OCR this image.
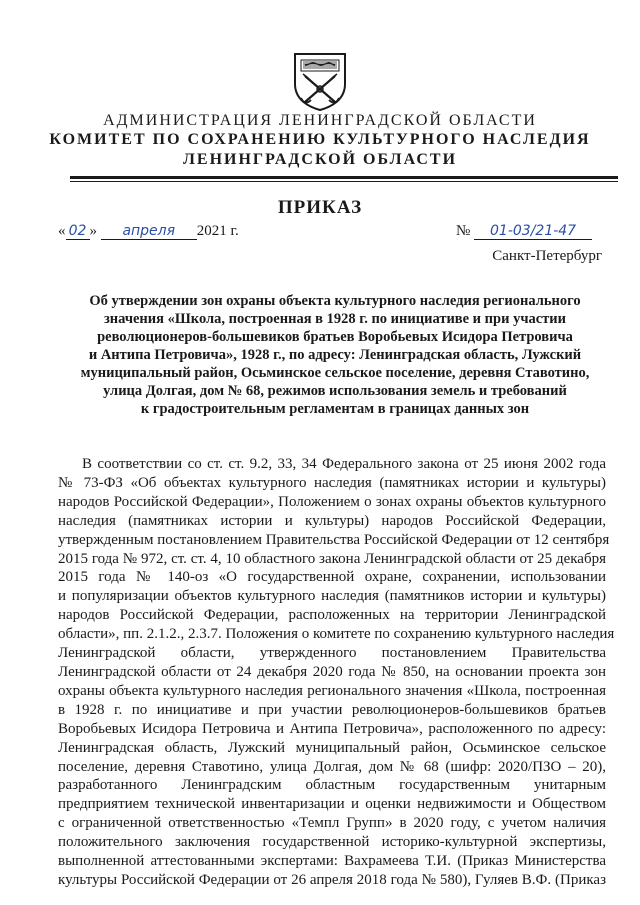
АДМИНИСТРАЦИЯ ЛЕНИНГРАДСКОЙ ОБЛАСТИ
КОМИТЕТ ПО СОХРАНЕНИЮ КУЛЬТУРНОГО НАСЛЕДИЯ
ЛЕНИНГРАДСКОЙ ОБЛАСТИ
ПРИКАЗ
« 02 » апреля 2021 г.	№ 01-03/21-47
Санкт-Петербург
Об утверждении зон охраны объекта культурного наследия регионального
значения «Школа, построенная в 1928 г. по инициативе и при участии
революционеров-большевиков братьев Воробьевых Исидора Петровича
и Антипа Петровича», 1928 г., по адресу: Ленинградская область, Лужский
муниципальный район, Осьминское сельское поселение, деревня Ставотино,
улица Долгая, дом № 68, режимов использования земель и требований
к градостроительным регламентам в границах данных зон
В соответствии со ст. ст. 9.2, 33, 34 Федерального закона от 25 июня 2002 года
№ 73-ФЗ «Об объектах культурного наследия (памятниках истории и культуры)
народов Российской Федерации», Положением о зонах охраны объектов культурного
наследия (памятниках истории и культуры) народов Российской Федерации,
утвержденным постановлением Правительства Российской Федерации от 12 сентября
2015 года № 972, ст. ст. 4, 10 областного закона Ленинградской области от 25 декабря
2015 года № 140-оз «О государственной охране, сохранении, использовании
и популяризации объектов культурного наследия (памятников истории и культуры)
народов Российской Федерации, расположенных на территории Ленинградской
области», пп. 2.1.2., 2.3.7. Положения о комитете по сохранению культурного наследия
Ленинградской области, утвержденного постановлением Правительства
Ленинградской области от 24 декабря 2020 года № 850, на основании проекта зон
охраны объекта культурного наследия регионального значения «Школа, построенная
в 1928 г. по инициативе и при участии революционеров-большевиков братьев
Воробьевых Исидора Петровича и Антипа Петровича», расположенного по адресу:
Ленинградская область, Лужский муниципальный район, Осьминское сельское
поселение, деревня Ставотино, улица Долгая, дом № 68 (шифр: 2020/ПЗО – 20),
разработанного Ленинградским областным государственным унитарным
предприятием технической инвентаризации и оценки недвижимости и Обществом
с ограниченной ответственностью «Темпл Групп» в 2020 году, с учетом наличия
положительного заключения государственной историко-культурной экспертизы,
выполненной аттестованными экспертами: Вахрамеева Т.И. (Приказ Министерства
культуры Российской Федерации от 26 апреля 2018 года № 580), Гуляев В.Ф. (Приказ
